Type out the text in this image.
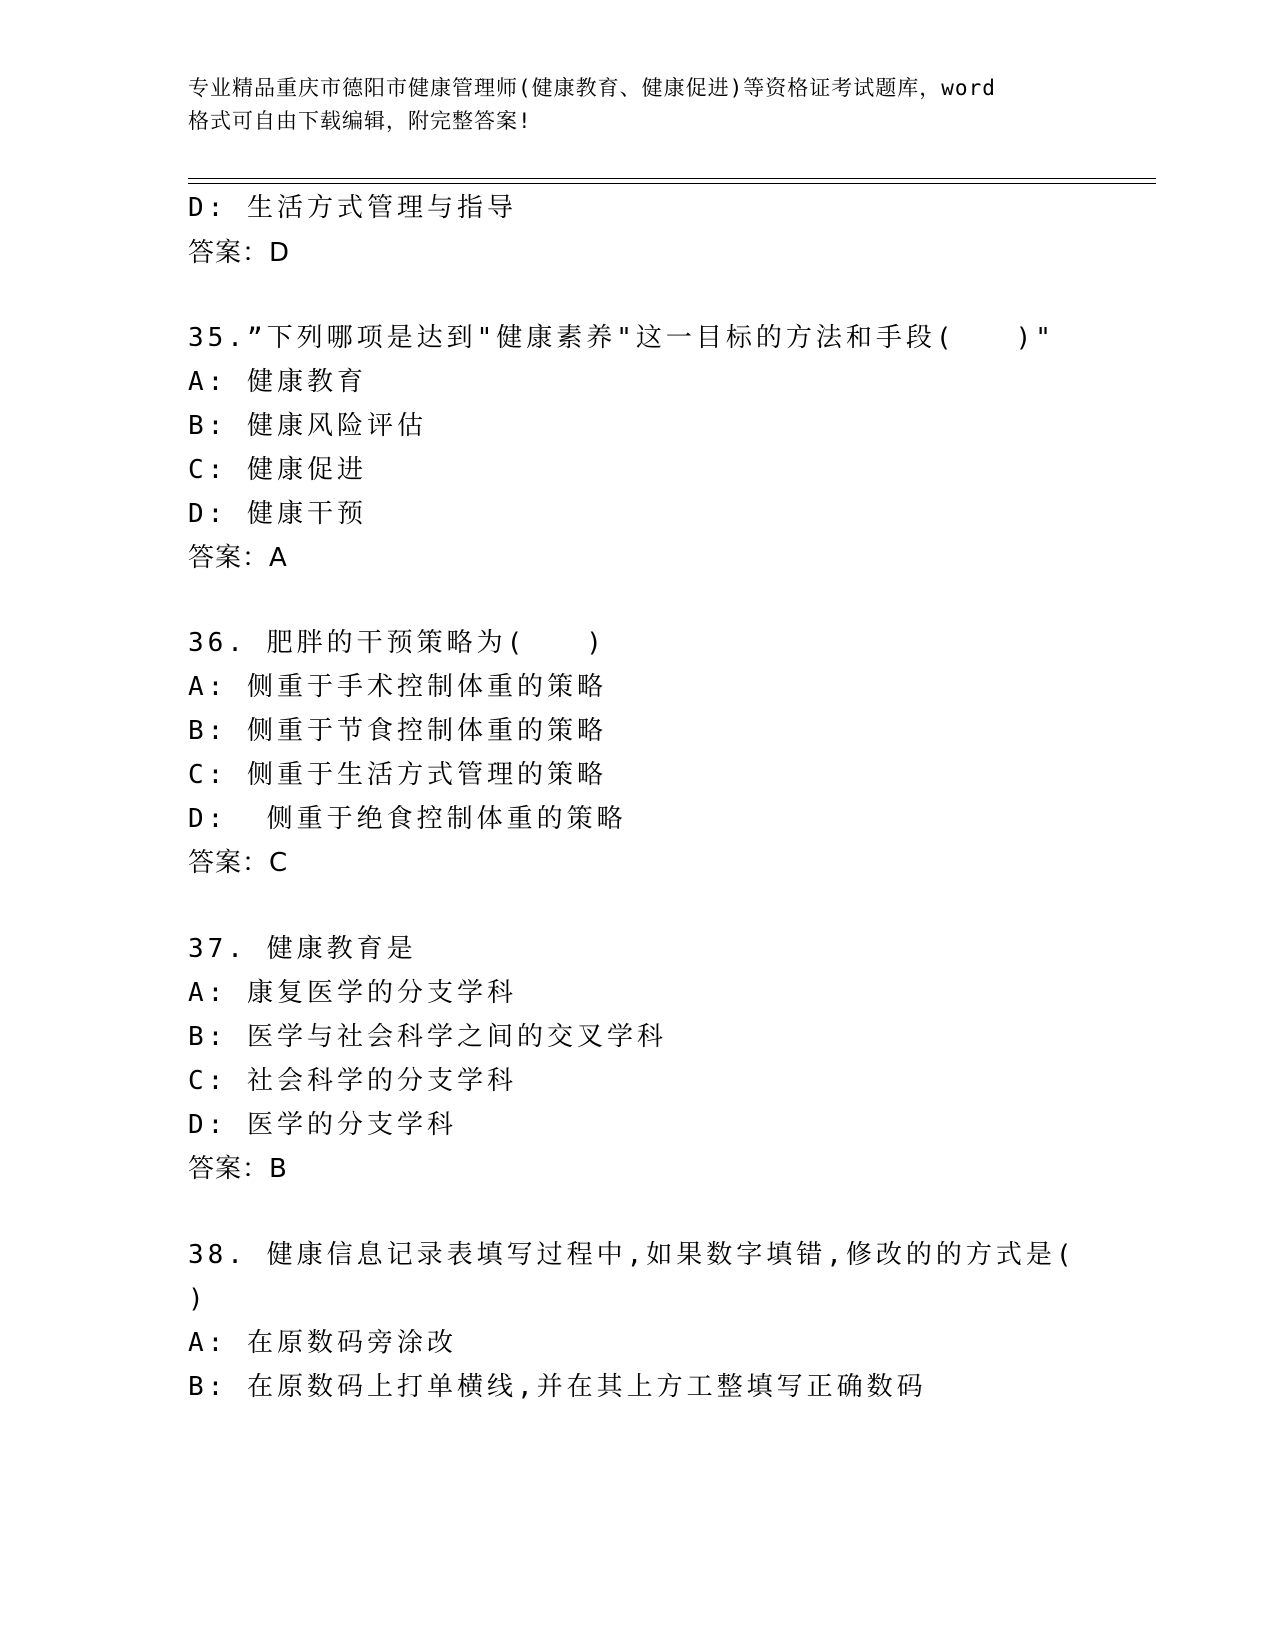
专业精品重庆市德阳市健康管理师(健康教育、健康促进)等资格证考试题库，word
格式可自由下载编辑，附完整答案!
D: 生活方式管理与指导
答案：D
35.”下列哪项是达到"健康素养"这一目标的方法和手段(　　)"
A: 健康教育
B: 健康风险评估
C: 健康促进
D: 健康干预
答案：A
36. 肥胖的干预策略为(　　)
A: 侧重于手术控制体重的策略
B: 侧重于节食控制体重的策略
C: 侧重于生活方式管理的策略
D:  侧重于绝食控制体重的策略
答案：C
37. 健康教育是
A: 康复医学的分支学科
B: 医学与社会科学之间的交叉学科
C: 社会科学的分支学科
D: 医学的分支学科
答案：B
38. 健康信息记录表填写过程中,如果数字填错,修改的的方式是(
)
A: 在原数码旁涂改
B: 在原数码上打单横线,并在其上方工整填写正确数码
